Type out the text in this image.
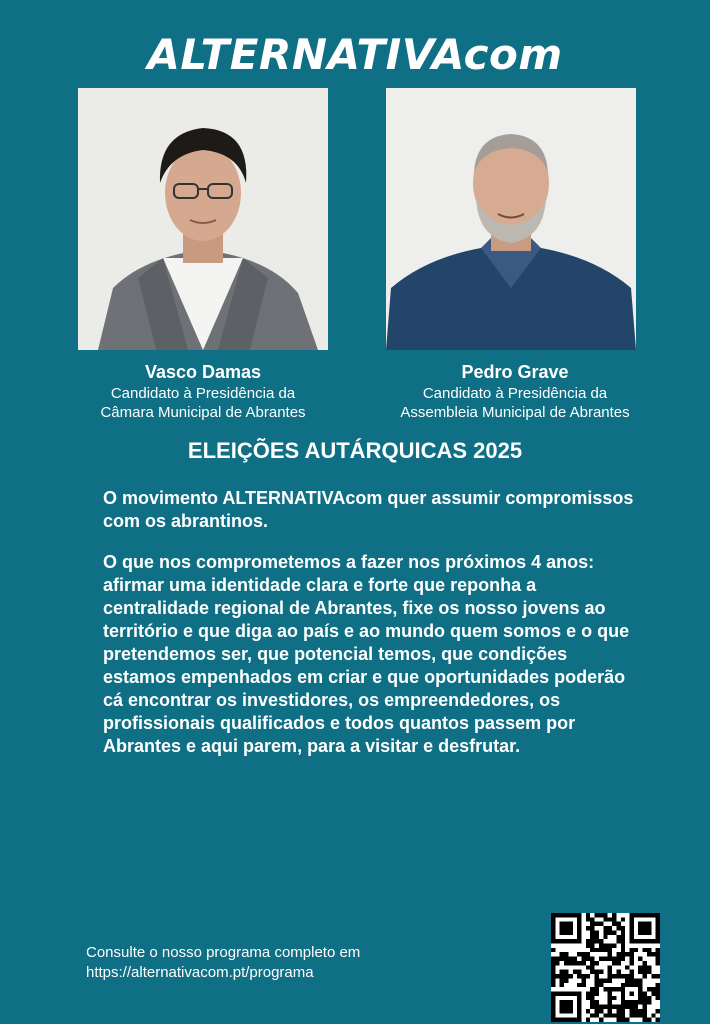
ALTERNATIVAcom
Vasco Damas
Candidato à Presidência da
Câmara Municipal de Abrantes
Pedro Grave
Candidato à Presidência da
Assembleia Municipal de Abrantes
ELEIÇÕES AUTÁRQUICAS 2025

O movimento ALTERNATIVAcom quer assumir compromissos com os abrantinos.

O que nos comprometemos a fazer nos próximos 4 anos: afirmar uma identidade clara e forte que reponha a centralidade regional de Abrantes, fixe os nosso jovens ao território e que diga ao país e ao mundo quem somos e o que pretendemos ser, que potencial temos, que condições estamos empenhados em criar e que oportunidades poderão cá encontrar os investidores, os empreendedores, os profissionais qualificados e todos quantos passem por Abrantes e aqui parem, para a visitar e desfrutar.

Consulte o nosso programa completo em
https://alternativacom.pt/programa
